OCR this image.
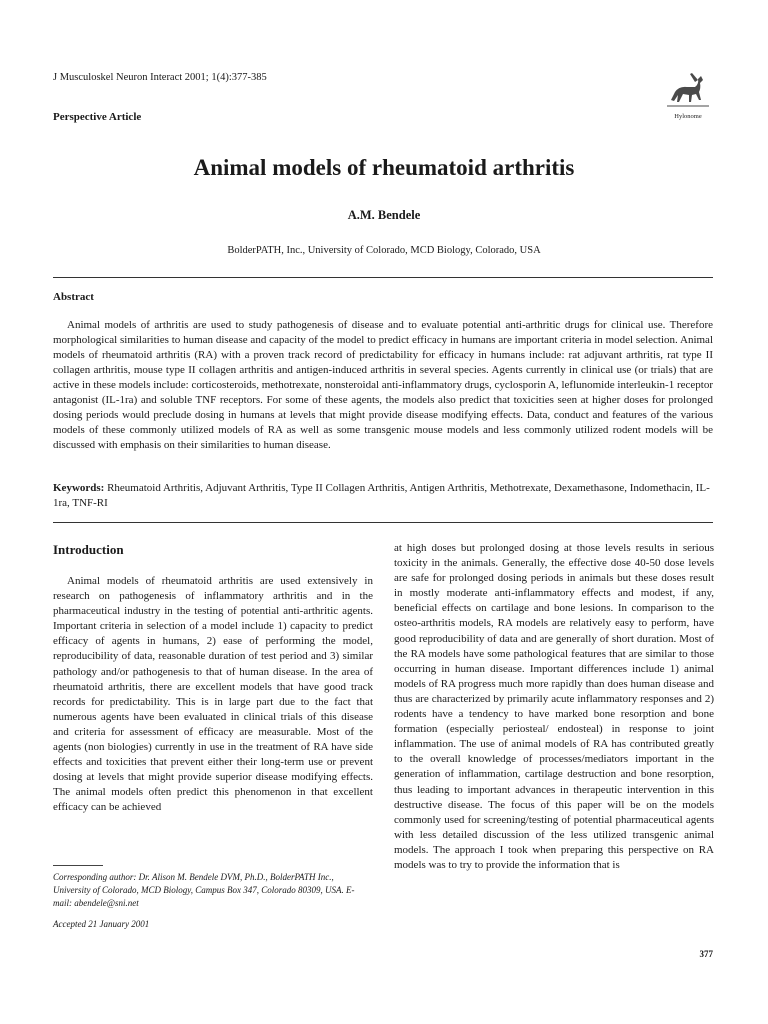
J Musculoskel Neuron Interact 2001; 1(4):377-385
Perspective Article	Hylonome
Animal models of rheumatoid arthritis
A.M. Bendele
BolderPATH, Inc., University of Colorado, MCD Biology, Colorado, USA
Abstract

Animal models of arthritis are used to study pathogenesis of disease and to evaluate potential anti-arthritic drugs for clinical use. Therefore morphological similarities to human disease and capacity of the model to predict efficacy in humans are important criteria in model selection. Animal models of rheumatoid arthritis (RA) with a proven track record of predictability for efficacy in humans include: rat adjuvant arthritis, rat type II collagen arthritis, mouse type II collagen arthritis and antigen-induced arthritis in several species. Agents currently in clinical use (or trials) that are active in these models include: corticosteroids, methotrexate, nonsteroidal anti-inflammatory drugs, cyclosporin A, leflunomide interleukin-1 receptor antagonist (IL-1ra) and soluble TNF receptors. For some of these agents, the models also predict that toxicities seen at higher doses for prolonged dosing periods would preclude dosing in humans at levels that might provide disease modifying effects. Data, conduct and features of the various models of these commonly utilized models of RA as well as some transgenic mouse models and less commonly utilized rodent models will be discussed with emphasis on their similarities to human disease.

Keywords: Rheumatoid Arthritis, Adjuvant Arthritis, Type II Collagen Arthritis, Antigen Arthritis, Methotrexate, Dexamethasone, Indomethacin, IL-1ra, TNF-RI

Introduction

Animal models of rheumatoid arthritis are used extensively in research on pathogenesis of inflammatory arthritis and in the pharmaceutical industry in the testing of potential anti-arthritic agents. Important criteria in selection of a model include 1) capacity to predict efficacy of agents in humans, 2) ease of performing the model, reproducibility of data, reasonable duration of test period and 3) similar pathology and/or pathogenesis to that of human disease. In the area of rheumatoid arthritis, there are excellent models that have good track records for predictability. This is in large part due to the fact that numerous agents have been evaluated in clinical trials of this disease and criteria for assessment of efficacy are measurable. Most of the agents (non biologies) currently in use in the treatment of RA have side effects and toxicities that prevent either their long-term use or prevent dosing at levels that might provide superior disease modifying effects. The animal models often predict this phenomenon in that excellent efficacy can be achieved

at high doses but prolonged dosing at those levels results in serious toxicity in the animals. Generally, the effective dose 40-50 dose levels are safe for prolonged dosing periods in animals but these doses result in mostly moderate anti-inflammatory effects and modest, if any, beneficial effects on cartilage and bone lesions. In comparison to the osteo-arthritis models, RA models are relatively easy to perform, have good reproducibility of data and are generally of short duration. Most of the RA models have some pathological features that are similar to those occurring in human disease. Important differences include 1) animal models of RA progress much more rapidly than does human disease and thus are characterized by primarily acute inflammatory responses and 2) rodents have a tendency to have marked bone resorption and bone formation (especially periosteal/ endosteal) in response to joint inflammation. The use of animal models of RA has contributed greatly to the overall knowledge of processes/mediators important in the generation of inflammation, cartilage destruction and bone resorption, thus leading to important advances in therapeutic intervention in this destructive disease. The focus of this paper will be on the models commonly used for screening/testing of potential pharmaceutical agents with less detailed discussion of the less utilized transgenic animal models. The approach I took when preparing this perspective on RA models was to try to provide the information that is

Corresponding author: Dr. Alison M. Bendele DVM, Ph.D., BolderPATH Inc., University of Colorado, MCD Biology, Campus Box 347, Colorado 80309, USA. E-mail: abendele@sni.net

Accepted 21 January 2001
377
